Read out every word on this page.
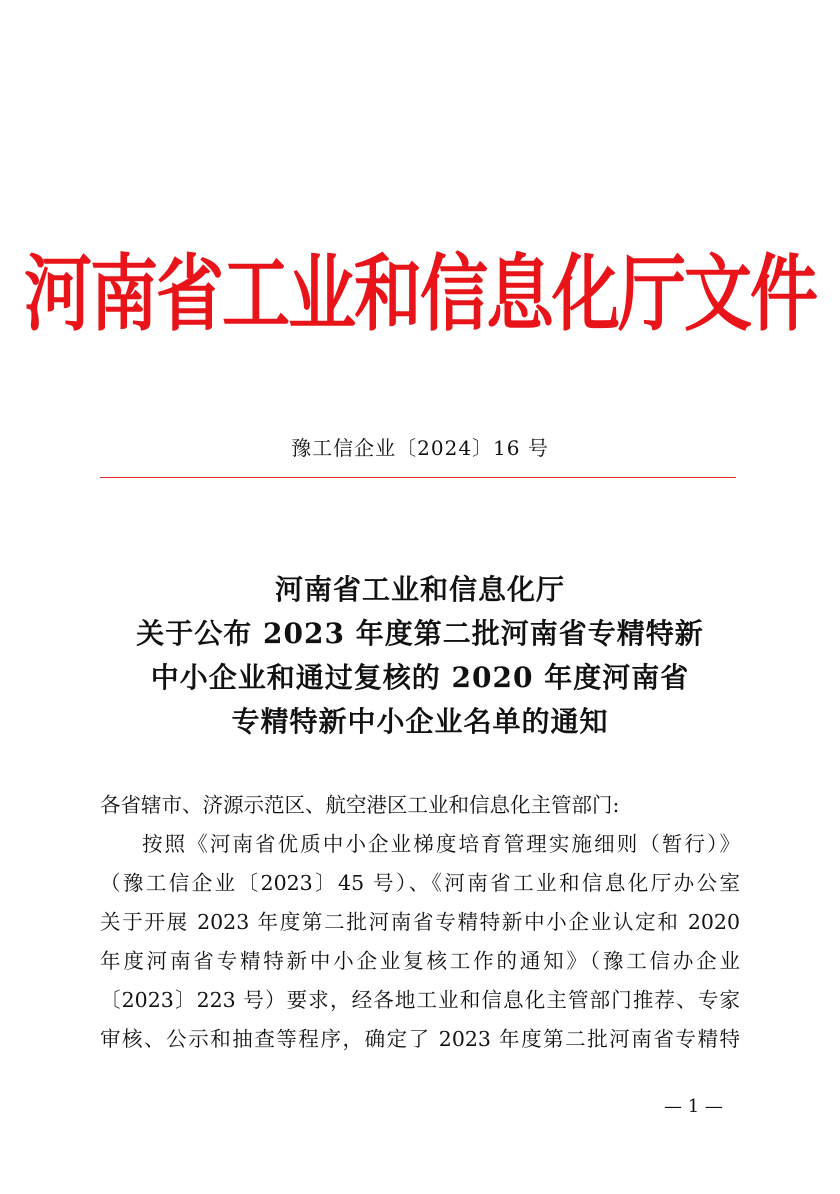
河南省工业和信息化厅文件
豫工信企业〔2024〕16 号
河南省工业和信息化厅
关于公布 2023 年度第二批河南省专精特新
中小企业和通过复核的 2020 年度河南省
专精特新中小企业名单的通知
各省辖市、济源示范区、航空港区工业和信息化主管部门:
按照《河南省优质中小企业梯度培育管理实施细则（暂行）》
（豫工信企业〔2023〕45 号）、《河南省工业和信息化厅办公室
关于开展 2023 年度第二批河南省专精特新中小企业认定和 2020
年度河南省专精特新中小企业复核工作的通知》（豫工信办企业
〔2023〕223 号）要求，经各地工业和信息化主管部门推荐、专家
审核、公示和抽查等程序，确定了 2023 年度第二批河南省专精特
— 1 —
